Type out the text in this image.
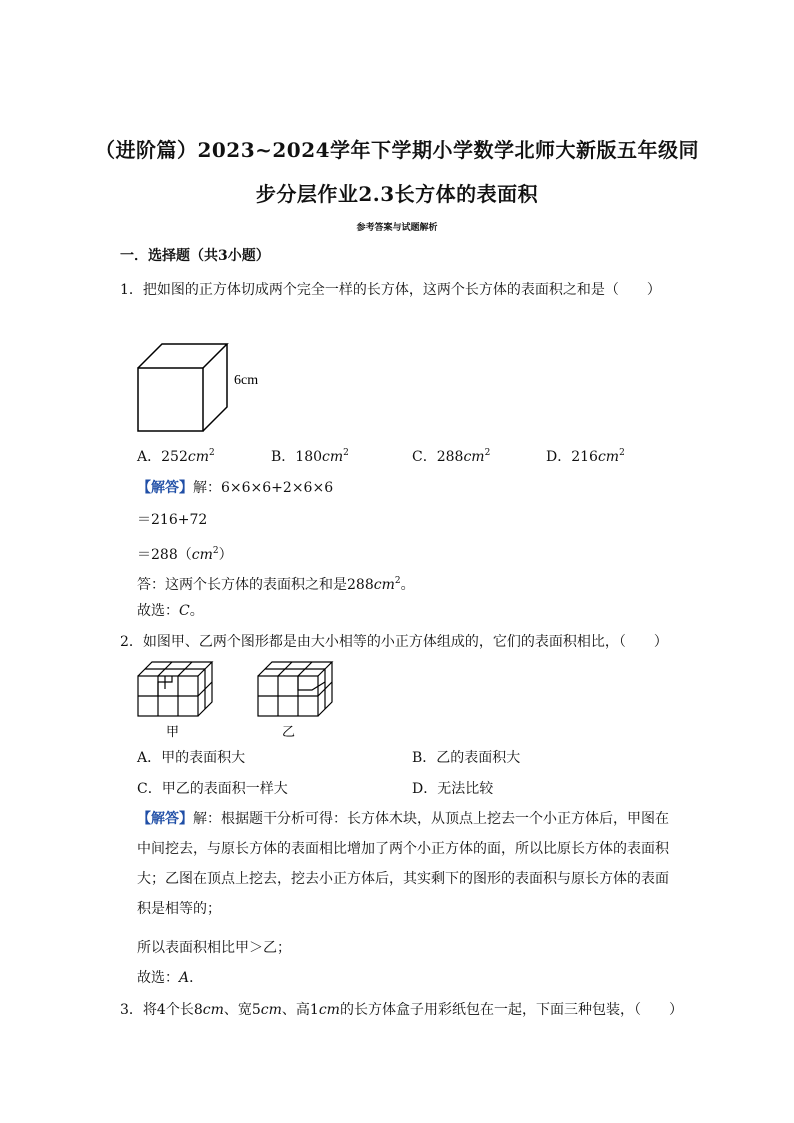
（进阶篇）2023~2024学年下学期小学数学北师大新版五年级同
步分层作业2.3长方体的表面积
参考答案与试题解析
一．选择题（共3小题）
1．把如图的正方体切成两个完全一样的长方体，这两个长方体的表面积之和是（　　）
6cm
A．$252cm^2$	B．$180cm^2$	C．$288cm^2$	D．$216cm^2$
【解答】解：6×6×6+2×6×6
＝216+72
$=288(cm^2)$
答：这两个长方体的表面积之和是$288cm^2$。
故选：C。
2．如图甲、乙两个图形都是由大小相等的小正方体组成的，它们的表面积相比，（　　）
甲	乙
A．甲的表面积大	B．乙的表面积大
C．甲乙的表面积一样大	D．无法比较
【解答】解：根据题干分析可得：长方体木块，从顶点上挖去一个小正方体后，甲图在
中间挖去，与原长方体的表面相比增加了两个小正方体的面，所以比原长方体的表面积
大；乙图在顶点上挖去，挖去小正方体后，其实剩下的图形的表面积与原长方体的表面
积是相等的；
所以表面积相比甲＞乙；
故选：A．
3．将4个长8cm、宽5cm、高1cm的长方体盒子用彩纸包在一起，下面三种包装，（　　）
